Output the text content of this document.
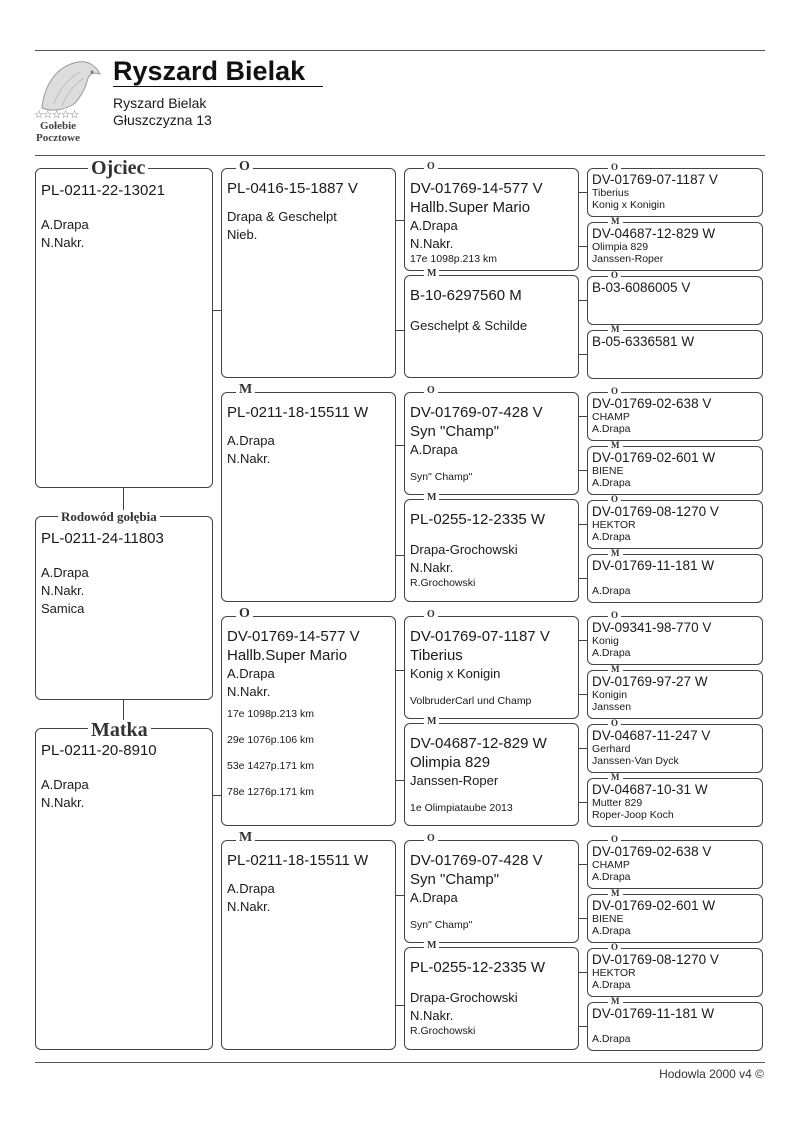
☆☆☆☆☆
Gołebie
Pocztowe
Ryszard Bielak
Ryszard Bielak
Głuszczyzna 13
PL-0211-22-13021
A.Drapa
N.Nakr.
Ojciec
PL-0211-24-11803
A.Drapa
N.Nakr.
Samica
Rodowód gołębia
PL-0211-20-8910
A.Drapa
N.Nakr.
Matka
PL-0416-15-1887 V
Drapa & Geschelpt
Nieb.
O
PL-0211-18-15511 W
A.Drapa
N.Nakr.
M
DV-01769-14-577 V
Hallb.Super Mario
A.Drapa
N.Nakr.
17e 1098p.213 km
29e 1076p.106 km
53e 1427p.171 km
78e 1276p.171 km
O
PL-0211-18-15511 W
A.Drapa
N.Nakr.
M
DV-01769-14-577 V
Hallb.Super Mario
A.Drapa
N.Nakr.
17e 1098p.213 km
O
B-10-6297560 M
Geschelpt & Schilde
M
DV-01769-07-428 V
Syn "Champ"
A.Drapa
Syn" Champ"
O
PL-0255-12-2335 W
Drapa-Grochowski
N.Nakr.
R.Grochowski
M
DV-01769-07-1187 V
Tiberius
Konig x Konigin
VolbruderCarl und Champ
O
DV-04687-12-829 W
Olimpia 829
Janssen-Roper
1e Olimpiataube 2013
M
DV-01769-07-428 V
Syn "Champ"
A.Drapa
Syn" Champ"
O
PL-0255-12-2335 W
Drapa-Grochowski
N.Nakr.
R.Grochowski
M
DV-01769-07-1187 V
Tiberius
Konig x Konigin
O
DV-04687-12-829 W
Olimpia 829
Janssen-Roper
M
B-03-6086005 V
O
B-05-6336581 W
M
DV-01769-02-638 V
CHAMP
A.Drapa
O
DV-01769-02-601 W
BIENE
A.Drapa
M
DV-01769-08-1270 V
HEKTOR
A.Drapa
O
DV-01769-11-181 W
A.Drapa
M
DV-09341-98-770 V
Konig
A.Drapa
O
DV-01769-97-27 W
Konigin
Janssen
M
DV-04687-11-247 V
Gerhard
Janssen-Van Dyck
O
DV-04687-10-31 W
Mutter 829
Roper-Joop Koch
M
DV-01769-02-638 V
CHAMP
A.Drapa
O
DV-01769-02-601 W
BIENE
A.Drapa
M
DV-01769-08-1270 V
HEKTOR
A.Drapa
O
DV-01769-11-181 W
A.Drapa
M
Hodowla 2000 v4 ©
